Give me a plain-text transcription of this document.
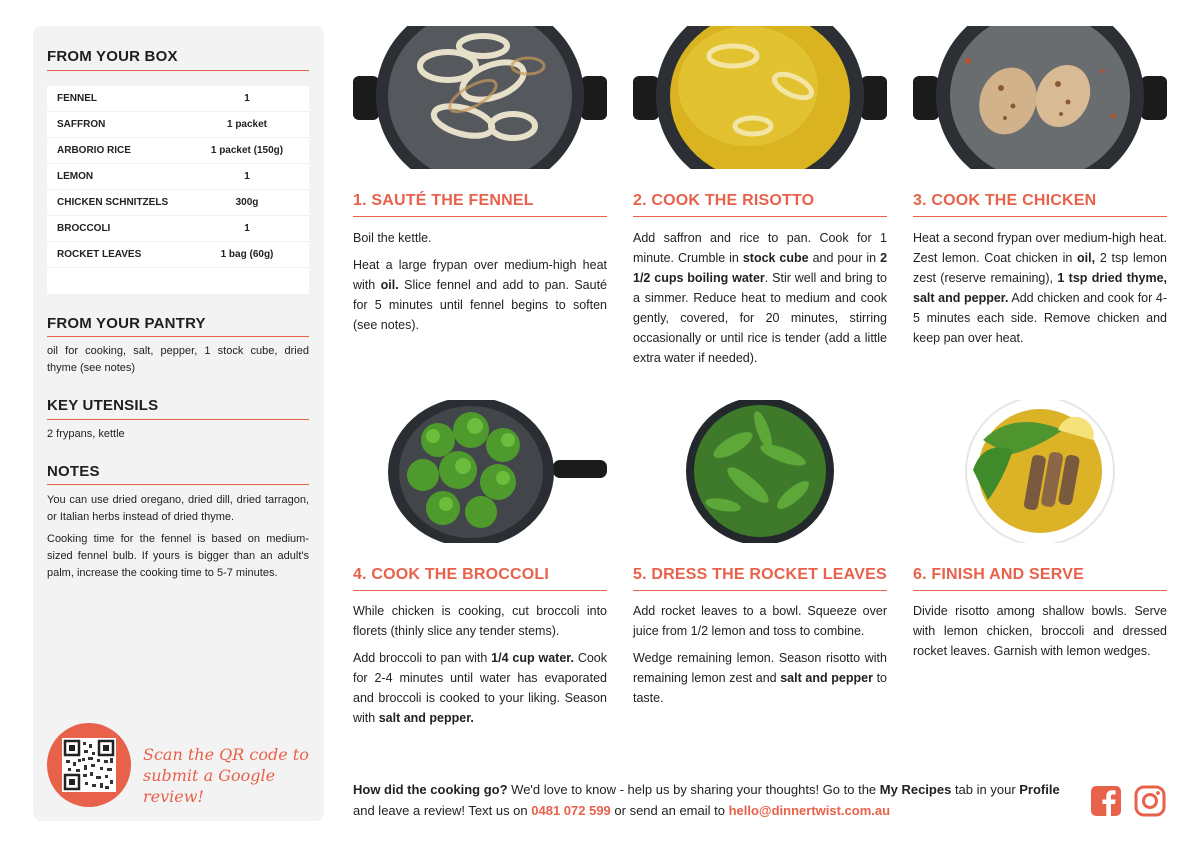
FROM YOUR BOX
FENNEL	1
SAFFRON	1 packet
ARBORIO RICE	1 packet (150g)
LEMON	1
CHICKEN SCHNITZELS	300g
BROCCOLI	1
ROCKET LEAVES	1 bag (60g)
FROM YOUR PANTRY
oil for cooking, salt, pepper, 1 stock cube, dried thyme (see notes)
KEY UTENSILS
2 frypans, kettle
NOTES

You can use dried oregano, dried dill, dried tarragon, or Italian herbs instead of dried thyme.

Cooking time for the fennel is based on medium-sized fennel bulb. If yours is bigger than an adult's palm, increase the cooking time to 5-7 minutes.

Scan the QR code to submit a Google review!
1. SAUTÉ THE FENNEL

Boil the kettle.

Heat a large frypan over medium-high heat with oil. Slice fennel and add to pan. Sauté for 5 minutes until fennel begins to soften (see notes).

2. COOK THE RISOTTO

Add saffron and rice to pan. Cook for 1 minute. Crumble in stock cube and pour in 2 1/2 cups boiling water. Stir well and bring to a simmer. Reduce heat to medium and cook gently, covered, for 20 minutes, stirring occasionally or until rice is tender (add a little extra water if needed).

3. COOK THE CHICKEN

Heat a second frypan over medium-high heat. Zest lemon. Coat chicken in oil, 2 tsp lemon zest (reserve remaining), 1 tsp dried thyme, salt and pepper. Add chicken and cook for 4-5 minutes each side. Remove chicken and keep pan over heat.

4. COOK THE BROCCOLI

While chicken is cooking, cut broccoli into florets (thinly slice any tender stems).

Add broccoli to pan with 1/4 cup water. Cook for 2-4 minutes until water has evaporated and broccoli is cooked to your liking. Season with salt and pepper.

5. DRESS THE ROCKET LEAVES

Add rocket leaves to a bowl. Squeeze over juice from 1/2 lemon and toss to combine.

Wedge remaining lemon. Season risotto with remaining lemon zest and salt and pepper to taste.

6. FINISH AND SERVE

Divide risotto among shallow bowls. Serve with lemon chicken, broccoli and dressed rocket leaves. Garnish with lemon wedges.

How did the cooking go? We'd love to know - help us by sharing your thoughts! Go to the My Recipes tab in your Profile and leave a review! Text us on 0481 072 599 or send an email to hello@dinnertwist.com.au
